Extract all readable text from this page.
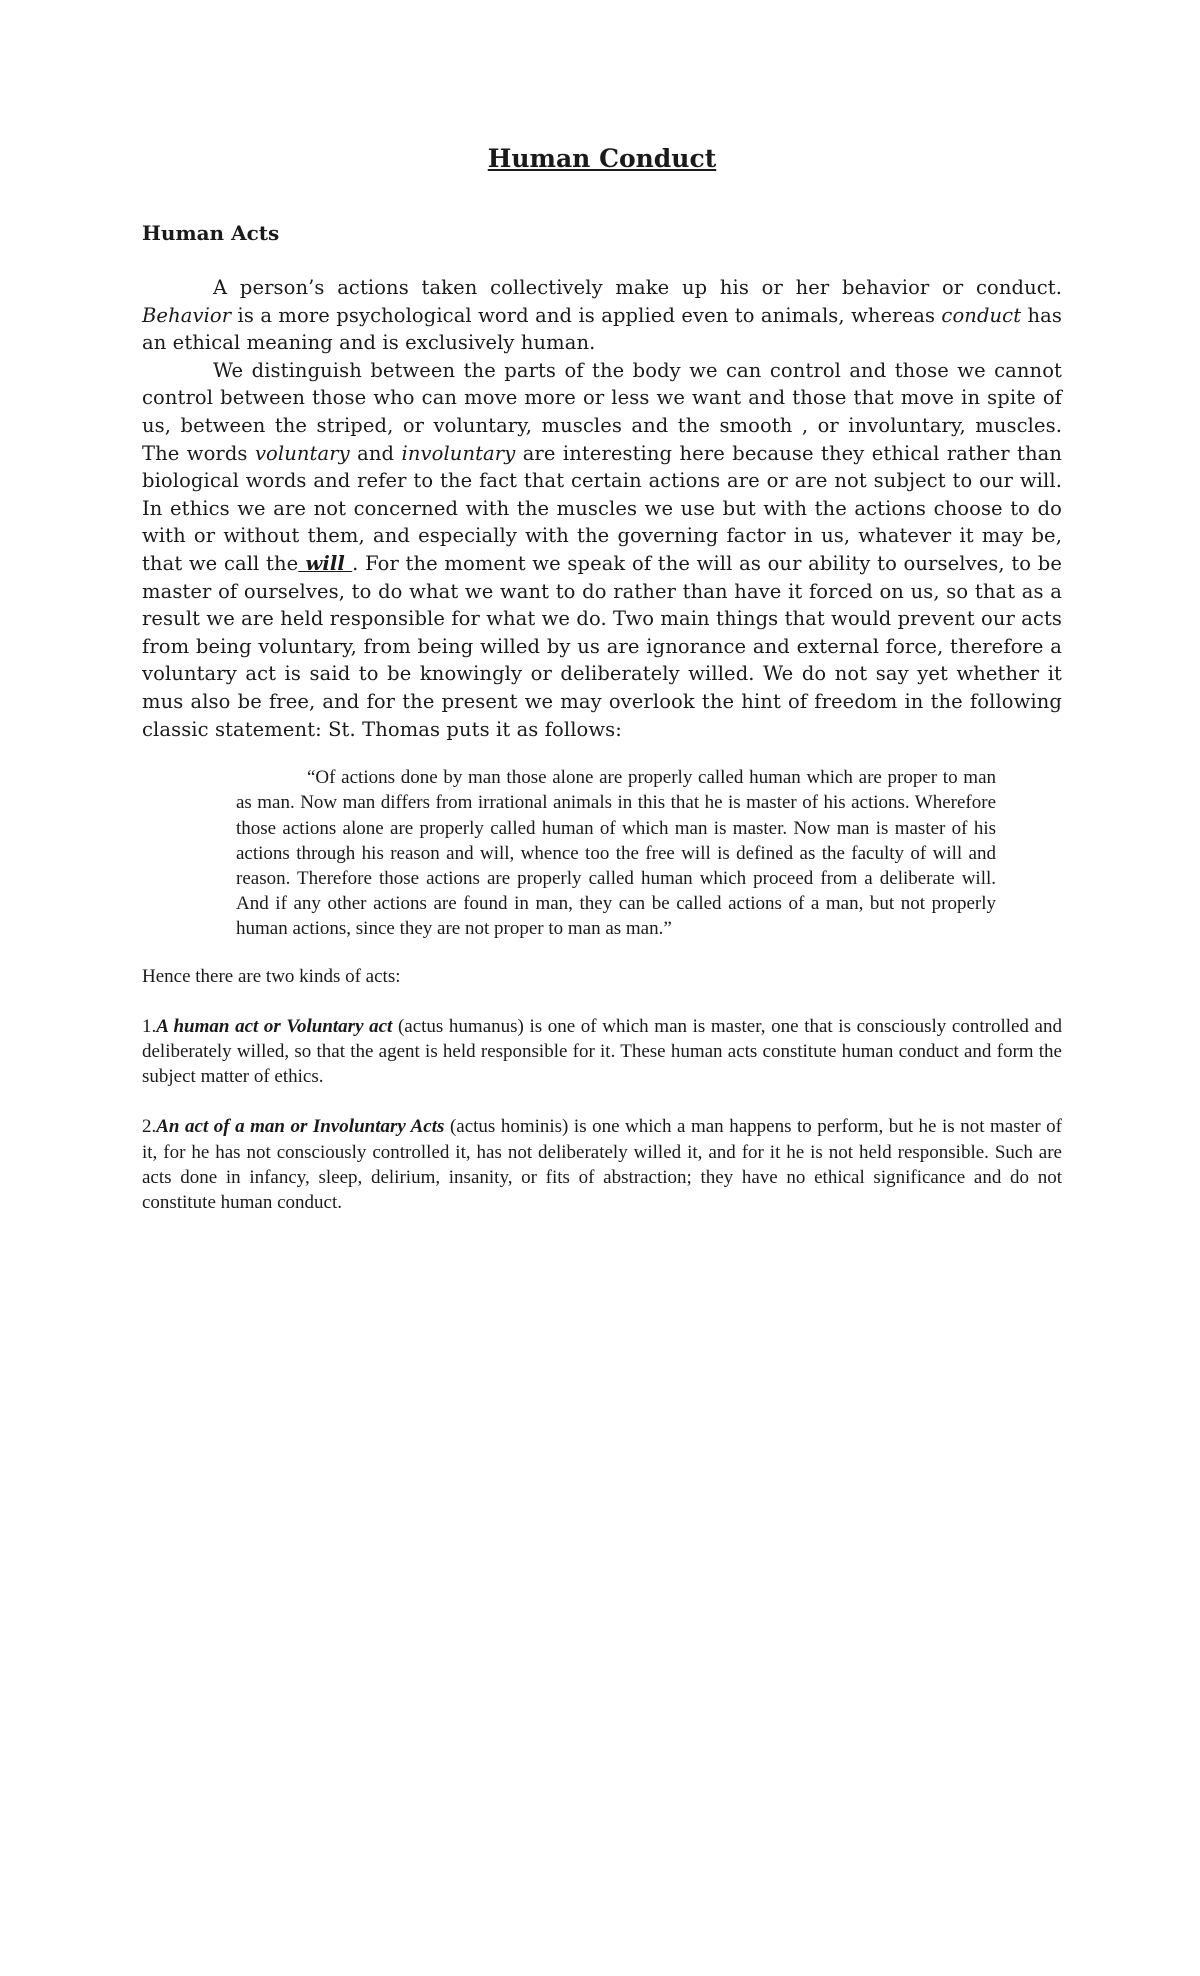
Human Conduct
Human Acts

A person’s actions taken collectively make up his or her behavior or conduct. Behavior is a more psychological word and is applied even to animals, whereas conduct has an ethical meaning and is exclusively human.

We distinguish between the parts of the body we can control and those we cannot control between those who can move more or less we want and those that move in spite of us, between the striped, or voluntary, muscles and the smooth , or involuntary, muscles. The words voluntary and involuntary are interesting here because they ethical rather than biological words and refer to the fact that certain actions are or are not subject to our will. In ethics we are not concerned with the muscles we use but with the actions choose to do with or without them, and especially with the governing factor in us, whatever it may be, that we call the will . For the moment we speak of the will as our ability to ourselves, to be master of ourselves, to do what we want to do rather than have it forced on us, so that as a result we are held responsible for what we do. Two main things that would prevent our acts from being voluntary, from being willed by us are ignorance and external force, therefore a voluntary act is said to be knowingly or deliberately willed. We do not say yet whether it mus also be free, and for the present we may overlook the hint of freedom in the following classic statement: St. Thomas puts it as follows:

“Of actions done by man those alone are properly called human which are proper to man as man. Now man differs from irrational animals in this that he is master of his actions. Wherefore those actions alone are properly called human of which man is master. Now man is master of his actions through his reason and will, whence too the free will is defined as the faculty of will and reason. Therefore those actions are properly called human which proceed from a deliberate will. And if any other actions are found in man, they can be called actions of a man, but not properly human actions, since they are not proper to man as man.”

Hence there are two kinds of acts:

1.A human act or Voluntary act (actus humanus) is one of which man is master, one that is consciously controlled and deliberately willed, so that the agent is held responsible for it. These human acts constitute human conduct and form the subject matter of ethics.

2.An act of a man or Involuntary Acts (actus hominis) is one which a man happens to perform, but he is not master of it, for he has not consciously controlled it, has not deliberately willed it, and for it he is not held responsible. Such are acts done in infancy, sleep, delirium, insanity, or fits of abstraction; they have no ethical significance and do not constitute human conduct.
